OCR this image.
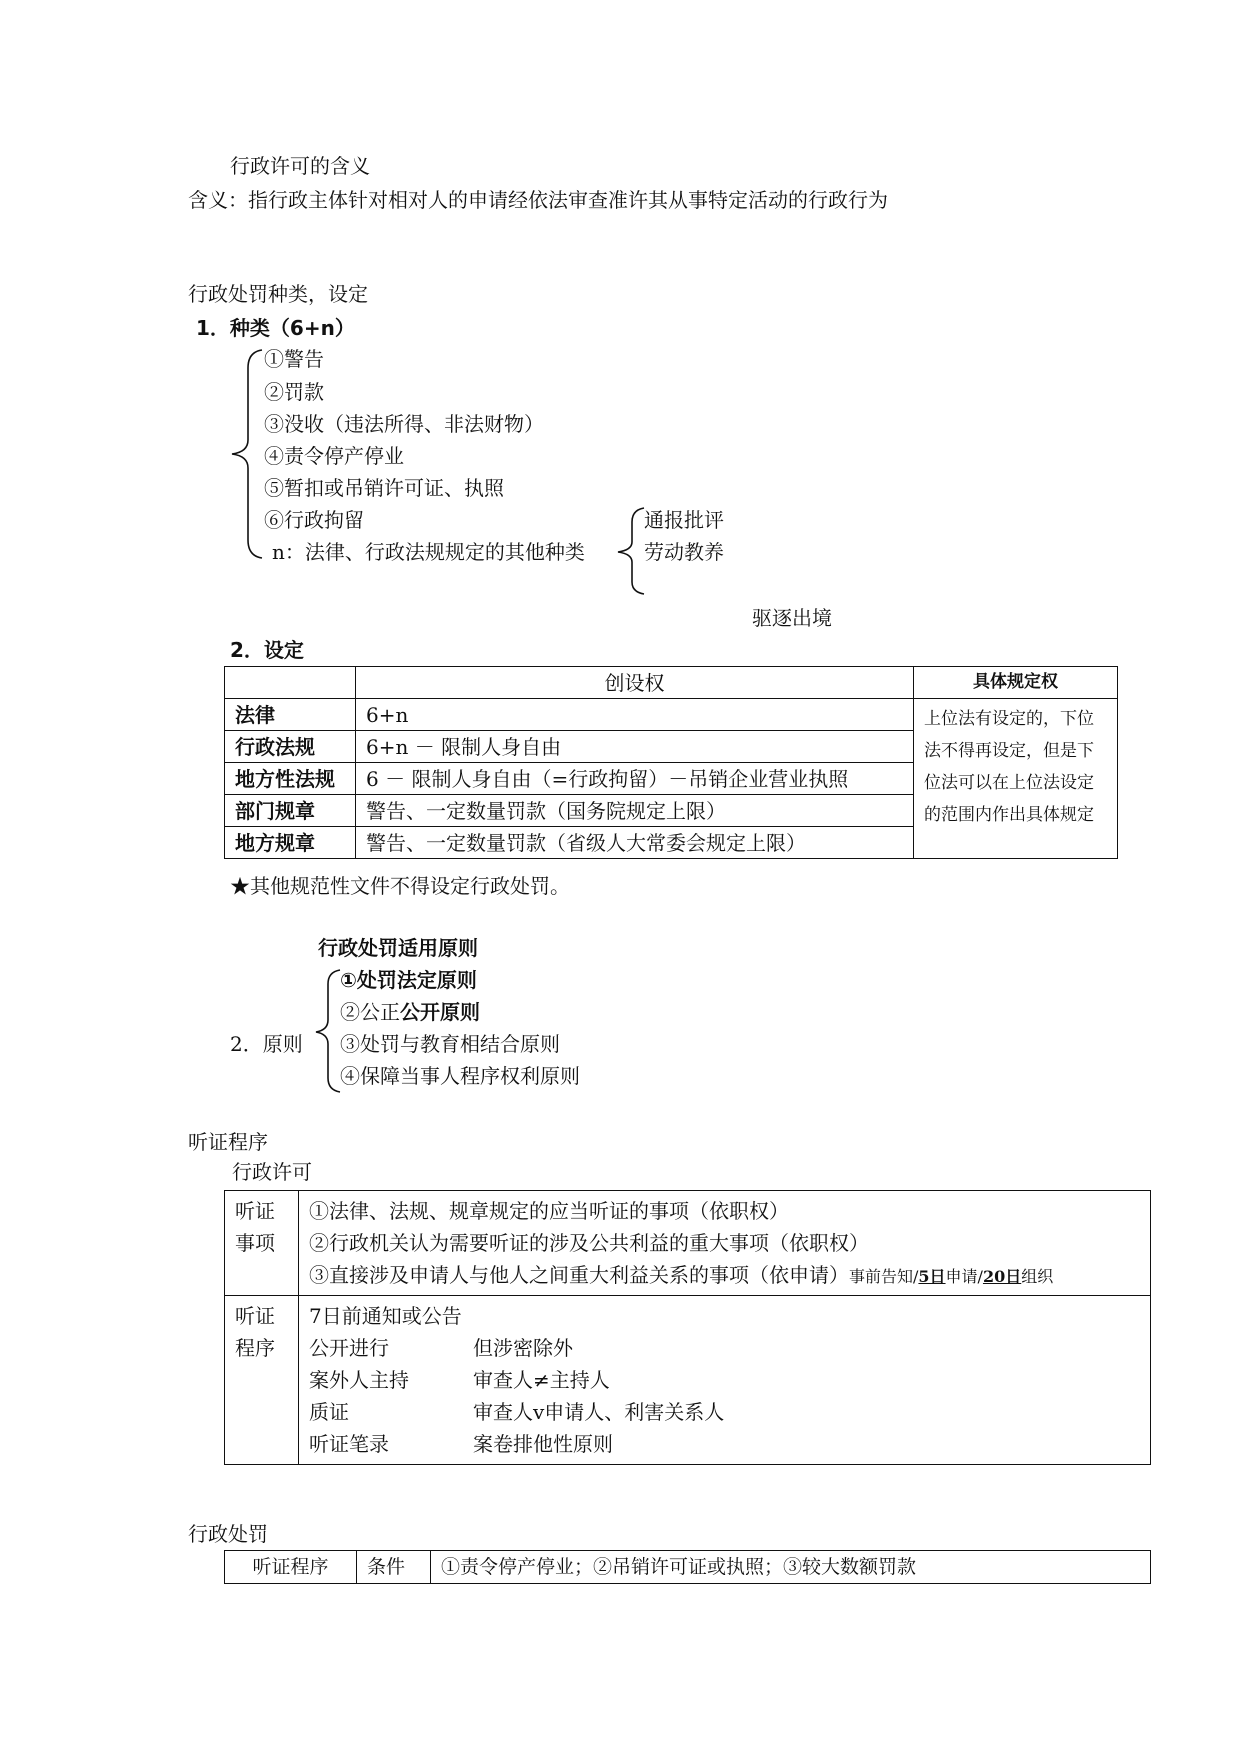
行政许可的含义
含义：指行政主体针对相对人的申请经依法审查准许其从事特定活动的行政行为
行政处罚种类，设定
1．种类（6+n）
①警告
②罚款
③没收（违法所得、非法财物）
④责令停产停业
⑤暂扣或吊销许可证、执照
⑥行政拘留
n：法律、行政法规规定的其他种类
通报批评
劳动教养
驱逐出境
2．设定
	创设权	具体规定权
法律	6+n	上位法有设定的，下位法不得再设定，但是下位法可以在上位法设定的范围内作出具体规定
行政法规	6+n － 限制人身自由	
地方性法规	6 － 限制人身自由（=行政拘留）－吊销企业营业执照	
部门规章	警告、一定数量罚款（国务院规定上限）	
地方规章	警告、一定数量罚款（省级人大常委会规定上限）	
★其他规范性文件不得设定行政处罚。
行政处罚适用原则
2．原则
①处罚法定原则
②公正公开原则
③处罚与教育相结合原则
④保障当事人程序权利原则
听证程序
行政许可
听证事项	①法律、法规、规章规定的应当听证的事项（依职权）
②行政机关认为需要听证的涉及公共利益的重大事项（依职权）
③直接涉及申请人与他人之间重大利益关系的事项（依申请）事前告知/5日申请/20日组织

听证程序	7日前通知或公告
公开进行 但涉密除外
案外人主持 审查人≠主持人
质证 审查人v申请人、利害关系人
听证笔录 案卷排他性原则
行政处罚
听证程序	条件	①责令停产停业；②吊销许可证或执照；③较大数额罚款
